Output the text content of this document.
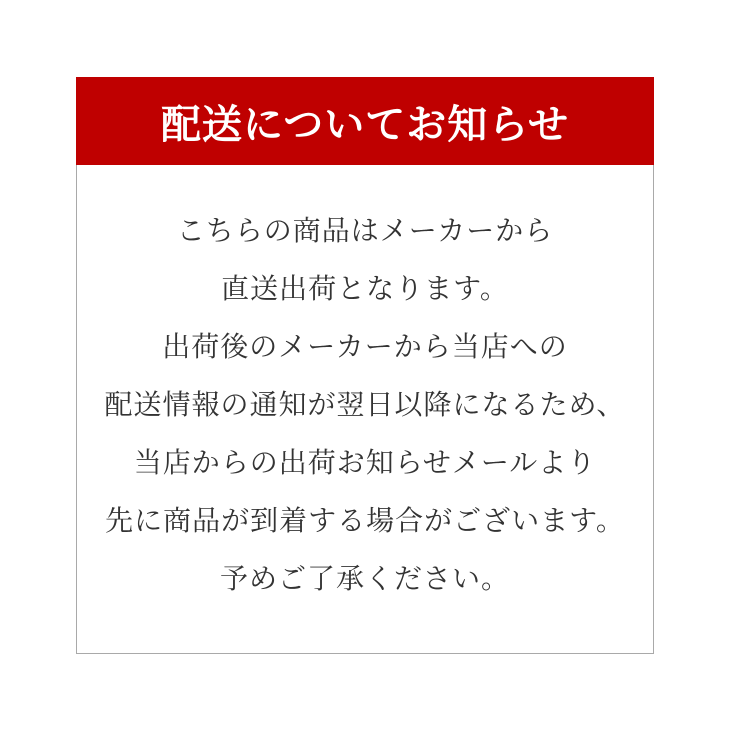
配送についてお知らせ

こちらの商品はメーカーから

直送出荷となります。

出荷後のメーカーから当店への

配送情報の通知が翌日以降になるため、

当店からの出荷お知らせメールより

先に商品が到着する場合がございます。

予めご了承ください。
